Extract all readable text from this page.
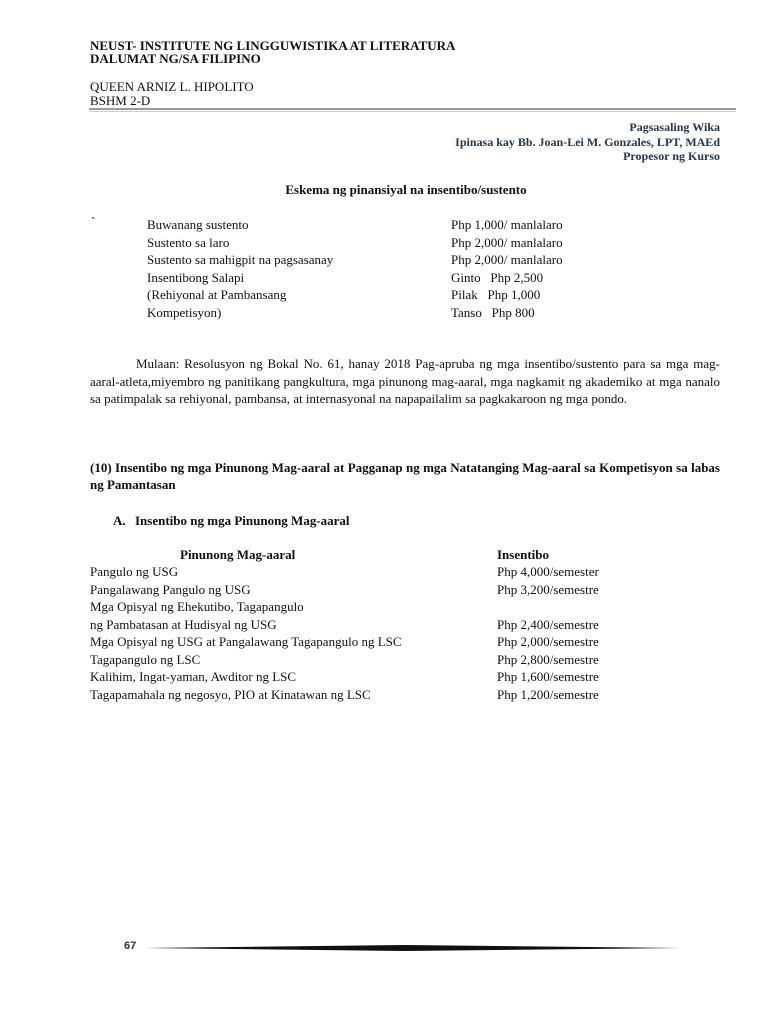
NEUST- INSTITUTE NG LINGGUWISTIKA AT LITERATURA
DALUMAT NG/SA FILIPINO
QUEEN ARNIZ L. HIPOLITO
BSHM 2-D
Pagsasaling Wika
Ipinasa kay Bb. Joan-Lei M. Gonzales, LPT, MAEd
Propesor ng Kurso
Eskema ng pinansiyal na insentibo/sustento
`	Buwanang sustento	Php 1,000/ manlalaro
Sustento sa laro	Php 2,000/ manlalaro
Sustento sa mahigpit na pagsasanay	Php 2,000/ manlalaro
Insentibong Salapi	Ginto   Php 2,500
(Rehiyonal at Pambansang	Pilak   Php 1,000
Kompetisyon)	Tanso   Php 800
Mulaan: Resolusyon ng Bokal No. 61, hanay 2018 Pag-apruba ng mga insentibo/sustento para sa mga mag-aaral-atleta,miyembro ng panitikang pangkultura, mga pinunong mag-aaral, mga nagkamit ng akademiko at mga nanalo sa patimpalak sa rehiyonal, pambansa, at internasyonal na napapailalim sa pagkakaroon ng mga pondo.
(10) Insentibo ng mga Pinunong Mag-aaral at Pagganap ng mga Natatanging Mag-aaral sa Kompetisyon sa labas ng Pamantasan
A. Insentibo ng mga Pinunong Mag-aaral
Pinunong Mag-aaral	Insentibo
Pangulo ng USG	Php 4,000/semester
Pangalawang Pangulo ng USG	Php 3,200/semestre
Mga Opisyal ng Ehekutibo, Tagapangulo
ng Pambatasan at Hudisyal ng USG	Php 2,400/semestre
Mga Opisyal ng USG at Pangalawang Tagapangulo ng LSC	Php 2,000/semestre
Tagapangulo ng LSC	Php 2,800/semestre
Kalihim, Ingat-yaman, Awditor ng LSC	Php 1,600/semestre
Tagapamahala ng negosyo, PIO at Kinatawan ng LSC	Php 1,200/semestre
67
